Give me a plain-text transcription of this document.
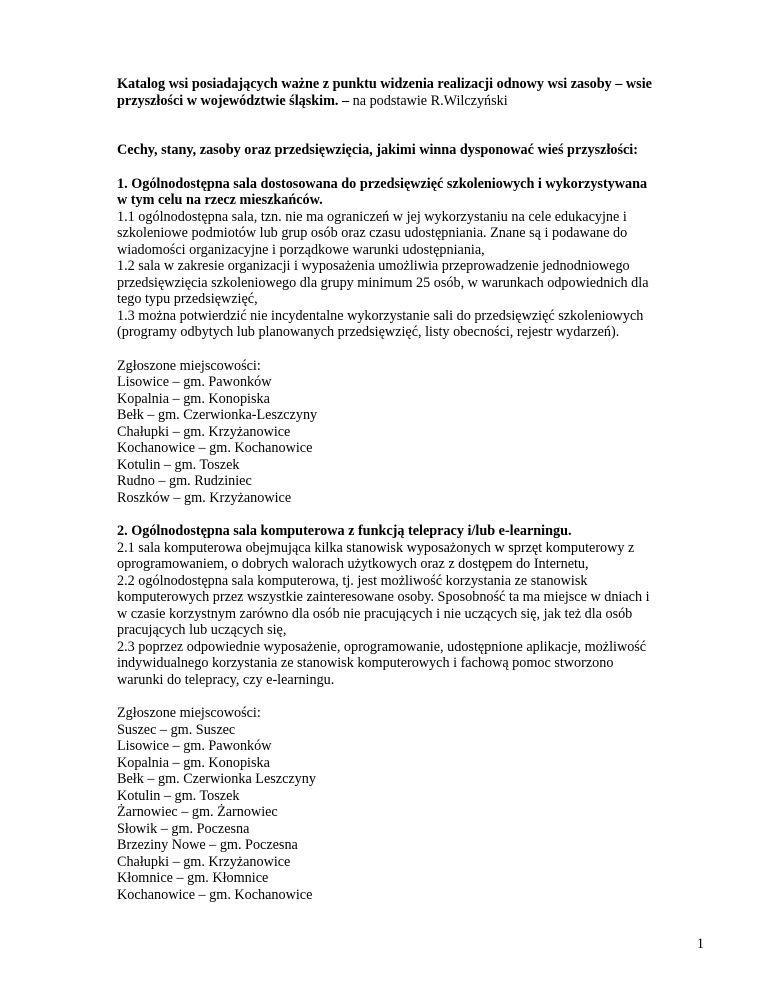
Katalog wsi posiadających ważne z punktu widzenia realizacji odnowy wsi zasoby – wsie
przyszłości w województwie śląskim. – na podstawie R.Wilczyński

Cechy, stany, zasoby oraz przedsięwzięcia, jakimi winna dysponować wieś przyszłości:

1. Ogólnodostępna sala dostosowana do przedsięwzięć szkoleniowych i wykorzystywana
w tym celu na rzecz mieszkańców.

1.1 ogólnodostępna sala, tzn. nie ma ograniczeń w jej wykorzystaniu na cele edukacyjne i
szkoleniowe podmiotów lub grup osób oraz czasu udostępniania. Znane są i podawane do
wiadomości organizacyjne i porządkowe warunki udostępniania,
1.2 sala w zakresie organizacji i wyposażenia umożliwia przeprowadzenie jednodniowego
przedsięwzięcia szkoleniowego dla grupy minimum 25 osób, w warunkach odpowiednich dla
tego typu przedsięwzięć,
1.3 można potwierdzić nie incydentalne wykorzystanie sali do przedsięwzięć szkoleniowych
(programy odbytych lub planowanych przedsięwzięć, listy obecności, rejestr wydarzeń).

Zgłoszone miejscowości:

Lisowice – gm. Pawonków
Kopalnia – gm. Konopiska
Bełk – gm. Czerwionka-Leszczyny
Chałupki – gm. Krzyżanowice
Kochanowice – gm. Kochanowice
Kotulin – gm. Toszek
Rudno – gm. Rudziniec
Roszków – gm. Krzyżanowice

2. Ogólnodostępna sala komputerowa z funkcją telepracy i/lub e-learningu.

2.1 sala komputerowa obejmująca kilka stanowisk wyposażonych w sprzęt komputerowy z
oprogramowaniem, o dobrych walorach użytkowych oraz z dostępem do Internetu,
2.2 ogólnodostępna sala komputerowa, tj. jest możliwość korzystania ze stanowisk
komputerowych przez wszystkie zainteresowane osoby. Sposobność ta ma miejsce w dniach i
w czasie korzystnym zarówno dla osób nie pracujących i nie uczących się, jak też dla osób
pracujących lub uczących się,
2.3 poprzez odpowiednie wyposażenie, oprogramowanie, udostępnione aplikacje, możliwość
indywidualnego korzystania ze stanowisk komputerowych i fachową pomoc stworzono
warunki do telepracy, czy e-learningu.

Zgłoszone miejscowości:

Suszec – gm. Suszec
Lisowice – gm. Pawonków
Kopalnia – gm. Konopiska
Bełk – gm. Czerwionka Leszczyny
Kotulin – gm. Toszek
Żarnowiec – gm. Żarnowiec
Słowik – gm. Poczesna
Brzeziny Nowe – gm. Poczesna
Chałupki – gm. Krzyżanowice
Kłomnice – gm. Kłomnice
Kochanowice – gm. Kochanowice
1
